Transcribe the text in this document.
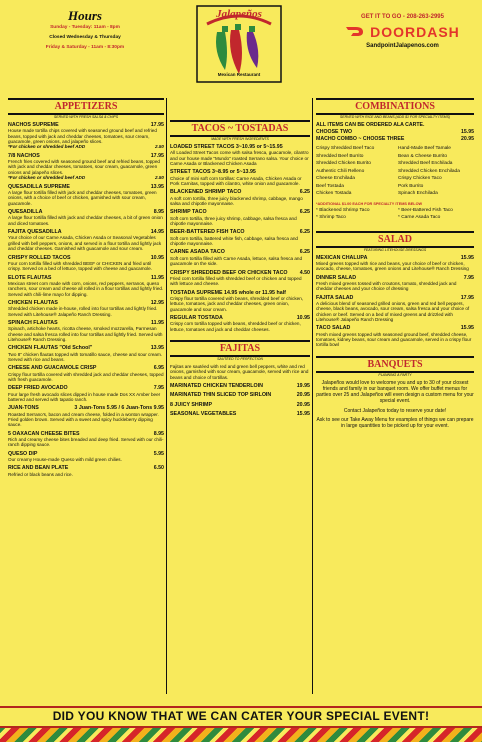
Hours
Sunday - Tuesday: 11am - 8pm
Closed Wednesday & Thursday
Friday & Saturday - 11am - 8:30pm
Jalapeños
Mexican Restaurant
GET IT TO GO - 208-263-2995
DOORDASH
SandpointJalapenos.com
APPETIZERS
SERVED WITH FRESH SALSA & CHIPS
NACHOS SUPREME	17.95
House made tortilla chips covered with seasoned ground beef and refried beans, topped with jack and cheddar cheeses, tomatoes, sour cream, guacamole, green onions, and jalapeño slices.
*For chicken or shredded beef ADD	2.50
7/8 NACHOS	17.95
French fries covered with seasoned ground beef and refried beans, topped with jack and cheddar cheeses, tomatoes, sour cream, guacamole, green onions and jalapeño slices.
*For chicken or shredded beef ADD	2.50
QUESADILLA SUPREME	13.95
A large flour tortilla filled with jack and cheddar cheeses, tomatoes, green onions, with a choice of beef or chicken, garnished with sour cream, guacamole.
QUESADILLA	8.95
A large flour tortilla filled with jack and cheddar cheeses, a bit of green onion and diced tomatoes.
FAJITA QUESADILLA	14.95
Your choice of our Carne Asada, Chicken Asada or Seasonal Vegetables grilled with bell peppers, onions, and served in a flour tortilla and lightly jack and cheddar cheeses. Garnished with guacamole and sour cream.
CRISPY ROLLED TACOS	10.95
Four corn tortilla filled with shredded BEEF or CHICKEN and fried until crispy. Served on a bed of lettuce, topped with cheese and guacamole.
ELOTE FLAUTAS	11.95
Mexican street corn made with corn, onions, red peppers, serranos, queso ranchero, sour cream and cheese all rolled in a flour tortillas and lightly fried. Served with chili-lime mayo for dipping.
CHICKEN FLAUTAS	12.95
Shredded chicken made in-house, rolled into four tortillas and lightly fried. Served with Litehouse® Jalapeño Ranch Dressing.
SPINACH FLAUTAS	11.95
Spinach, artichoke hearts, ricotta cheese, smoked mozzarella, Parmesan cheese and salsa fresca rolled into four tortillas and lightly fried. Served with Litehouse® Ranch Dressing.
CHICKEN FLAUTAS "Old School"	13.95
Two 8" chicken flautas topped with tomatillo sauce, cheese and sour cream. Served with rice and beans.
CHEESE AND GUACAMOLE CRISP	6.95
Crispy flour tortilla covered with shredded jack and cheddar cheeses, topped with fresh guacamole.
DEEP FRIED AVOCADO	7.95
Four large fresh avocado slices dipped in house made Dos XX Amber beer battered and served with tapatio ranch.
JUAN-TONS	3 Juan-Tons 5.95 / 6 Juan-Tons 9.95
Roasted Serrano's, bacon and cream cheese, folded in a wonton wrapper. Fried golden brown. Served with a sweet and spicy huckleberry dipping sauce.
5 OAXACAN CHEESE BITES	8.95
Rich and creamy cheese bites breaded and deep fried. Served with our chili-ranch dipping sauce.
QUESO DIP	5.95
Our creamy House-made Queso with mild green chilies.
RICE AND BEAN PLATE	6.50
Refried or black beans and rice.
TACOS ~ TOSTADAS
MADE WITH FRESH INGREDIENTS
LOADED STREET TACOS 3~10.95 or 5~15.95
All Loaded Street Tacos come with salsa fresca, guacamole, cilantro and our house made "Mundo" roasted Serrano salsa. Your choice or Carne Asada or Blackened Chicken Asada
STREET TACOS 3~8.95 or 5~13.95
Choice of mini soft corn tortillas: Carne Asada, Chicken Asada or Pork Carnitas, topped with cilantro, white onion and guacamole.
BLACKENED SHRIMP TACO	6.25
A soft corn tortilla, three juicy blackened shrimp, cabbage, mango salsa and chipotle mayonnaise.
SHRIMP TACO	6.25
Soft corn tortilla, three juicy shrimp, cabbage, salsa fresca and chipotle mayonnaise.
BEER-BATTERED FISH TACO	6.25
Soft corn tortilla, battered white fish, cabbage, salsa fresca and chipotle mayonnaise.
CARNE ASADA TACO	6.25
Soft corn tortilla filled with Carne Asada, lettuce, salsa fresca and guacamole on the side.
CRISPY SHREDDED BEEF OR CHICKEN TACO 4.50
Fried corn tortilla filled with shredded beef or chicken and topped with lettuce and cheese.
TOSTADA SUPREME 14.95 whole or 11.95 half
Crispy flour tortilla covered with beans, shredded beef or chicken, lettuce, tomatoes, jack and cheddar cheeses, green onion, guacamole and sour cream.
REGULAR TOSTADA	10.95
Crispy corn tortilla topped with beans, shredded beef or chicken, lettuce, tomatoes and jack and cheddar cheeses.
FAJITAS
SAUTÉED TO PERFECTION
Fajitas are sautéed with red and green bell peppers, white and red onions, garnished with sour cream, guacamole, served with rice and beans and choice of tortillas.
MARINATED CHICKEN TENDERLOIN	19.95
MARINATED THIN SLICED TOP SIRLOIN	20.95
8 JUICY SHRIMP	20.95
SEASONAL VEGETABLES	15.95
COMBINATIONS
SERVED WITH RICE AND BEANS (ADD $1 FOR SPECIALTY ITEMS)
ALL ITEMS CAN BE ORDERED ALA CARTE.
CHOOSE TWO	15.95
MACHO COMBO ~ CHOOSE THREE	20.95
Crispy Shredded Beef Taco	Hand-Made Beef Tamale
Shredded Beef Burrito	Bean & Cheese Burrito
Shredded Chicken Burrito	Shredded Beef Enchilada
Authentic Chili Relleno	Shredded Chicken Enchilada
Cheese Enchilada	Crispy Chicken Taco
Beef Tostada	Pork Burrito
Chicken Tostada	Spinach Enchilada
*ADDITIONAL $1.00 EACH FOR SPECIALTY ITEMS BELOW
* Blackened Shrimp Taco	* Beer-Battered Fish Taco
* Shrimp Taco	* Carne Asada Taco
SALAD
FEATURING LITEHOUSE DRESSINGS
MEXICAN CHALUPA	15.95
Mixed greens topped with rice and beans, your choice of beef or chicken, avocado, cheese, tomatoes, green onions and Litehouse® Ranch Dressing
DINNER SALAD	7.95
Fresh mixed greens tossed with croutons, tomato, shredded jack and cheddar cheeses and your choice of dressing
FAJITA SALAD	17.95
A delicious blend of seasoned grilled onions, green and red bell peppers, cheese, black beans, avocado, sour cream, salsa fresca and your choice of chicken or beef. Served on a bed of mixed greens and drizzled with Litehouse® Jalapeño Ranch Dressing
TACO SALAD	15.95
Fresh mixed greens topped with seasoned ground beef, shredded cheese, tomatoes, kidney beans, sour cream and guacamole, served in a crispy flour tortilla bowl
BANQUETS
PLANNING A PARTY

Jalapeños would love to welcome you and up to 30 of your closest friends and family in our banquet room. We offer buffet menus for parties over 25 and Jalapeños will even design a custom menu for your special event.

Contact Jalapeños today to reserve your date!

Ask to see our Take Away Menu for examples of things we can prepare in large quantities to be picked up for your event.

DID YOU KNOW THAT WE CAN CATER YOUR SPECIAL EVENT!
